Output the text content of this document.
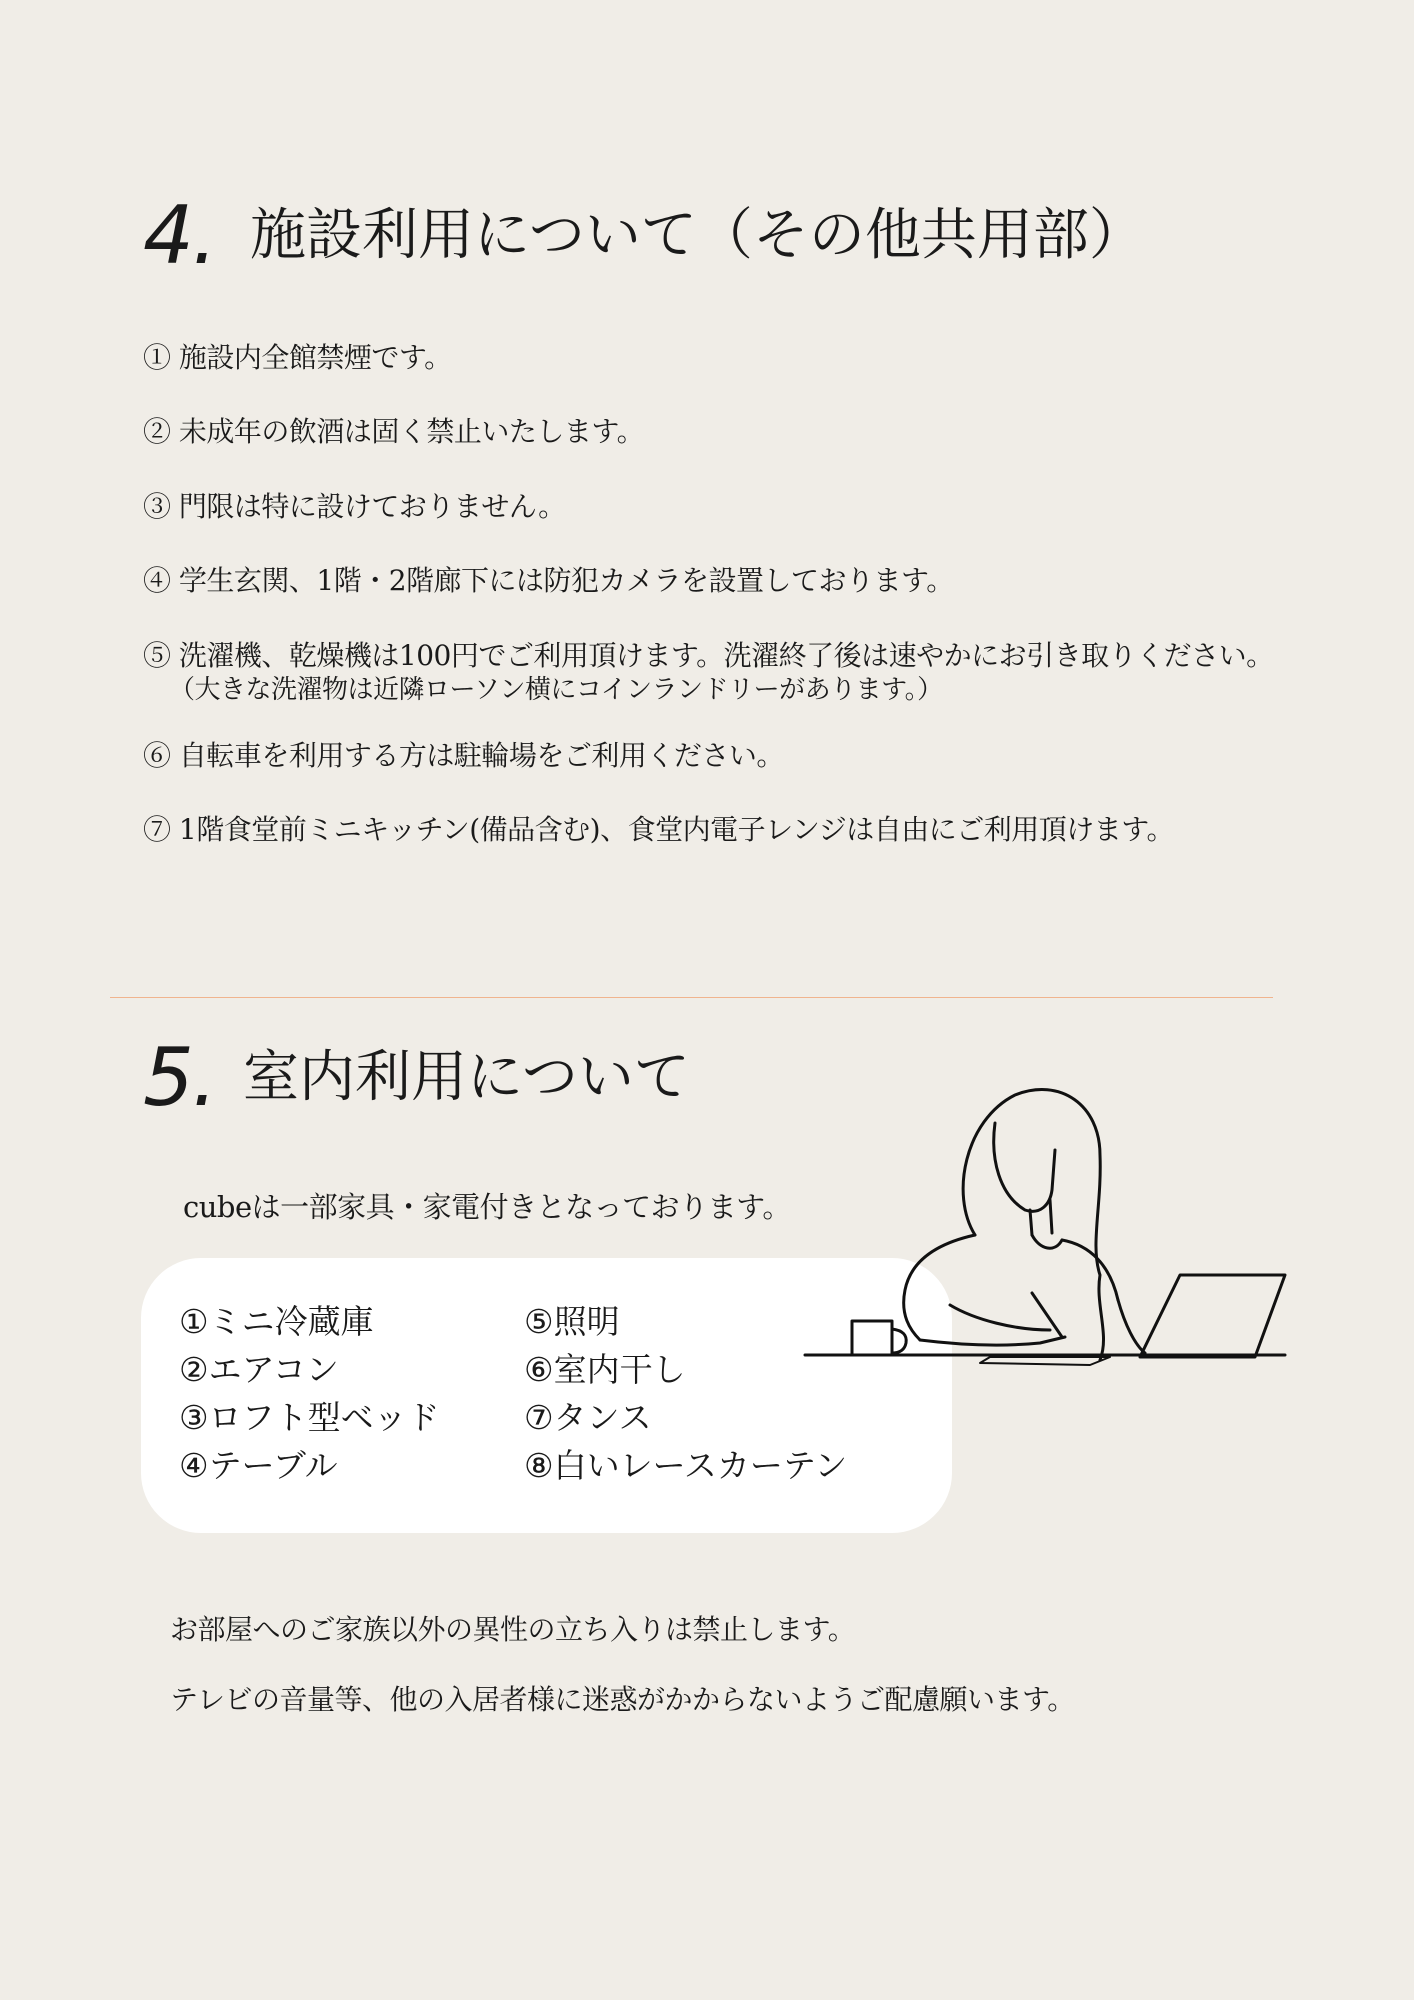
4. 施設利用について（その他共用部）
① 施設内全館禁煙です。
② 未成年の飲酒は固く禁止いたします。
③ 門限は特に設けておりません。
④ 学生玄関、1階・2階廊下には防犯カメラを設置しております。
⑤ 洗濯機、乾燥機は100円でご利用頂けます。洗濯終了後は速やかにお引き取りください。
（大きな洗濯物は近隣ローソン横にコインランドリーがあります。）
⑥ 自転車を利用する方は駐輪場をご利用ください。
⑦ 1階食堂前ミニキッチン(備品含む)、食堂内電子レンジは自由にご利用頂けます。
5. 室内利用について
cubeは一部家具・家電付きとなっております。
①ミニ冷蔵庫
②エアコン
③ロフト型ベッド
④テーブル
⑤照明
⑥室内干し
⑦タンス
⑧白いレースカーテン
お部屋へのご家族以外の異性の立ち入りは禁止します。
テレビの音量等、他の入居者様に迷惑がかからないようご配慮願います。
